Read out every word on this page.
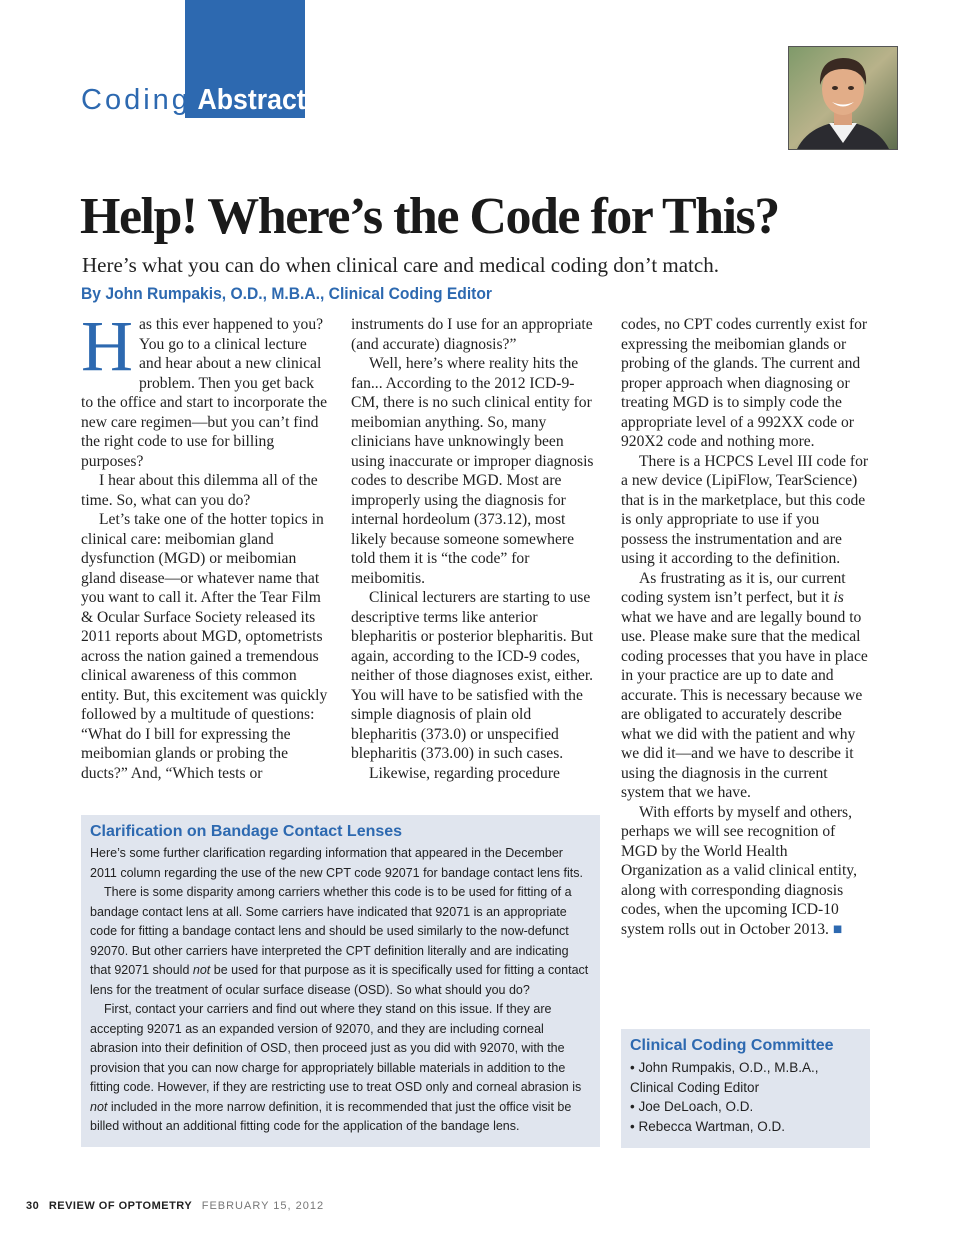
Coding Abstract
Help! Where’s the Code for This?
Here’s what you can do when clinical care and medical coding don’t match.
By John Rumpakis, O.D., M.B.A., Clinical Coding Editor

Has this ever happened to you? You go to a clinical lecture and hear about a new clinical problem. Then you get back to the office and start to incorporate the new care regimen—but you can’t find the right code to use for billing purposes?

I hear about this dilemma all of the time. So, what can you do?

Let’s take one of the hotter topics in clinical care: meibomian gland dysfunction (MGD) or meibomian gland disease—or whatever name that you want to call it. After the Tear Film & Ocular Surface Society released its 2011 reports about MGD, optometrists across the nation gained a tremendous clinical awareness of this common entity. But, this excitement was quickly followed by a multitude of questions: “What do I bill for expressing the meibomian glands or probing the ducts?” And, “Which tests or

instruments do I use for an appropriate (and accurate) diagnosis?”

Well, here’s where reality hits the fan... According to the 2012 ICD-9-CM, there is no such clinical entity for meibomian anything. So, many clinicians have unknowingly been using inaccurate or improper diagnosis codes to describe MGD. Most are improperly using the diagnosis for internal hordeolum (373.12), most likely because someone somewhere told them it is “the code” for meibomitis.

Clinical lecturers are starting to use descriptive terms like anterior blepharitis or posterior blepharitis. But again, according to the ICD-9 codes, neither of those diagnoses exist, either. You will have to be satisfied with the simple diagnosis of plain old blepharitis (373.0) or unspecified blepharitis (373.00) in such cases.

Likewise, regarding procedure

codes, no CPT codes currently exist for expressing the meibomian glands or probing of the glands. The current and proper approach when diagnosing or treating MGD is to simply code the appropriate level of a 992XX code or 920X2 code and nothing more.

There is a HCPCS Level III code for a new device (LipiFlow, TearScience) that is in the marketplace, but this code is only appropriate to use if you possess the instrumentation and are using it according to the definition.

As frustrating as it is, our current coding system isn’t perfect, but it is what we have and are legally bound to use. Please make sure that the medical coding processes that you have in place in your practice are up to date and accurate. This is necessary because we are obligated to accurately describe what we did with the patient and why we did it—and we have to describe it using the diagnosis in the current system that we have.

With efforts by myself and others, perhaps we will see recognition of MGD by the World Health Organization as a valid clinical entity, along with corresponding diagnosis codes, when the upcoming ICD-10 system rolls out in October 2013. ■

Clarification on Bandage Contact Lenses

Here’s some further clarification regarding information that appeared in the December 2011 column regarding the use of the new CPT code 92071 for bandage contact lens fits.

There is some disparity among carriers whether this code is to be used for fitting of a bandage contact lens at all. Some carriers have indicated that 92071 is an appropriate code for fitting a bandage contact lens and should be used similarly to the now-defunct 92070. But other carriers have interpreted the CPT definition literally and are indicating that 92071 should not be used for that purpose as it is specifically used for fitting a contact lens for the treatment of ocular surface disease (OSD). So what should you do?

First, contact your carriers and find out where they stand on this issue. If they are accepting 92071 as an expanded version of 92070, and they are including corneal abrasion into their definition of OSD, then proceed just as you did with 92070, with the provision that you can now charge for appropriately billable materials in addition to the fitting code. However, if they are restricting use to treat OSD only and corneal abrasion is not included in the more narrow definition, it is recommended that just the office visit be billed without an additional fitting code for the application of the bandage lens.

Clinical Coding Committee
• John Rumpakis, O.D., M.B.A., Clinical Coding Editor
• Joe DeLoach, O.D.
• Rebecca Wartman, O.D.
30 REVIEW OF OPTOMETRY FEBRUARY 15, 2012
